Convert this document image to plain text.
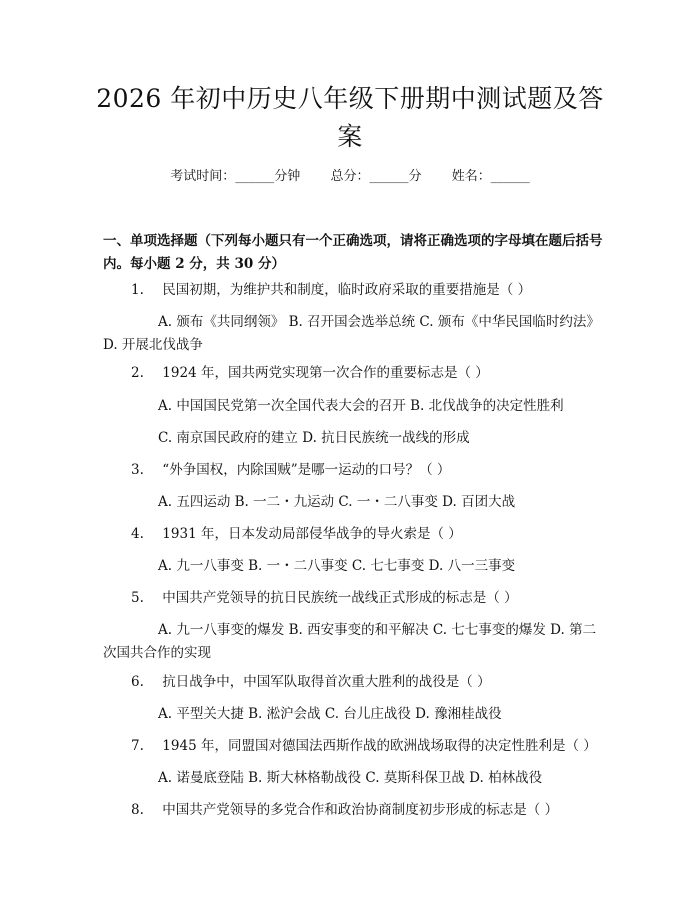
2026 年初中历史八年级下册期中测试题及答案
考试时间：______分钟 总分：______分 姓名：______
一、单项选择题（下列每小题只有一个正确选项，请将正确选项的字母填在题后括号内。每小题 2 分，共 30 分）
1. 民国初期，为维护共和制度，临时政府采取的重要措施是（ ）
A. 颁布《共同纲领》 B. 召开国会选举总统 C. 颁布《中华民国临时约法》 D. 开展北伐战争
2. 1924 年，国共两党实现第一次合作的重要标志是（ ）
A. 中国国民党第一次全国代表大会的召开 B. 北伐战争的决定性胜利
C. 南京国民政府的建立 D. 抗日民族统一战线的形成
3. “外争国权，内除国贼”是哪一运动的口号？（ ）
A. 五四运动 B. 一二・九运动 C. 一・二八事变 D. 百团大战
4. 1931 年，日本发动局部侵华战争的导火索是（ ）
A. 九一八事变 B. 一・二八事变 C. 七七事变 D. 八一三事变
5. 中国共产党领导的抗日民族统一战线正式形成的标志是（ ）
A. 九一八事变的爆发 B. 西安事变的和平解决 C. 七七事变的爆发 D. 第二次国共合作的实现
6. 抗日战争中，中国军队取得首次重大胜利的战役是（ ）
A. 平型关大捷 B. 淞沪会战 C. 台儿庄战役 D. 豫湘桂战役
7. 1945 年，同盟国对德国法西斯作战的欧洲战场取得的决定性胜利是（ ）
A. 诺曼底登陆 B. 斯大林格勒战役 C. 莫斯科保卫战 D. 柏林战役
8. 中国共产党领导的多党合作和政治协商制度初步形成的标志是（ ）
